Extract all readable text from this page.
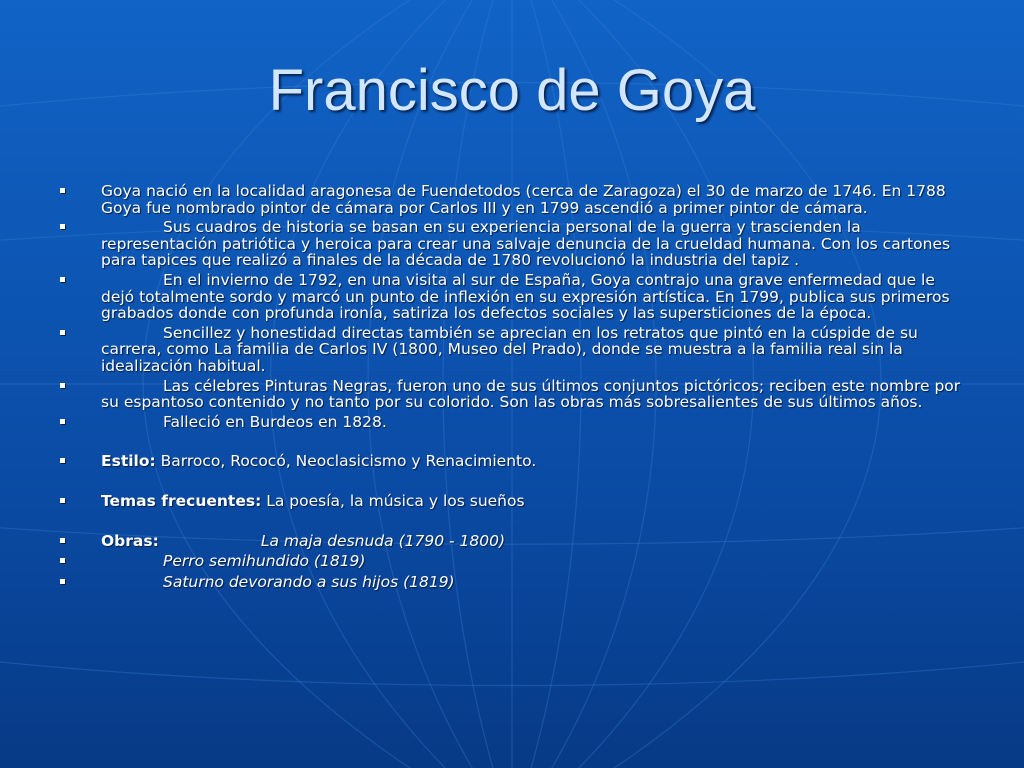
Francisco de Goya
Goya nació en la localidad aragonesa de Fuendetodos (cerca de Zaragoza) el 30 de marzo de 1746. En 1788 Goya fue nombrado pintor de cámara por Carlos III y en 1799 ascendió a primer pintor de cámara.
Sus cuadros de historia se basan en su experiencia personal de la guerra y trascienden la representación patriótica y heroica para crear una salvaje denuncia de la crueldad humana. Con los cartones para tapices que realizó a finales de la década de 1780 revolucionó la industria del tapiz .
En el invierno de 1792, en una visita al sur de España, Goya contrajo una grave enfermedad que le dejó totalmente sordo y marcó un punto de inflexión en su expresión artística. En 1799, publica sus primeros grabados donde con profunda ironía, satiriza los defectos sociales y las supersticiones de la época.
Sencillez y honestidad directas también se aprecian en los retratos que pintó en la cúspide de su carrera, como La familia de Carlos IV (1800, Museo del Prado), donde se muestra a la familia real sin la idealización habitual.
Las célebres Pinturas Negras, fueron uno de sus últimos conjuntos pictóricos; reciben este nombre por su espantoso contenido y no tanto por su colorido. Son las obras más sobresalientes de sus últimos años.
Falleció en Burdeos en 1828.
Estilo: Barroco, Rococó, Neoclasicismo y Renacimiento.
Temas frecuentes: La poesía, la música y los sueños
Obras:	La maja desnuda (1790 - 1800)
Perro semihundido (1819)
Saturno devorando a sus hijos (1819)
